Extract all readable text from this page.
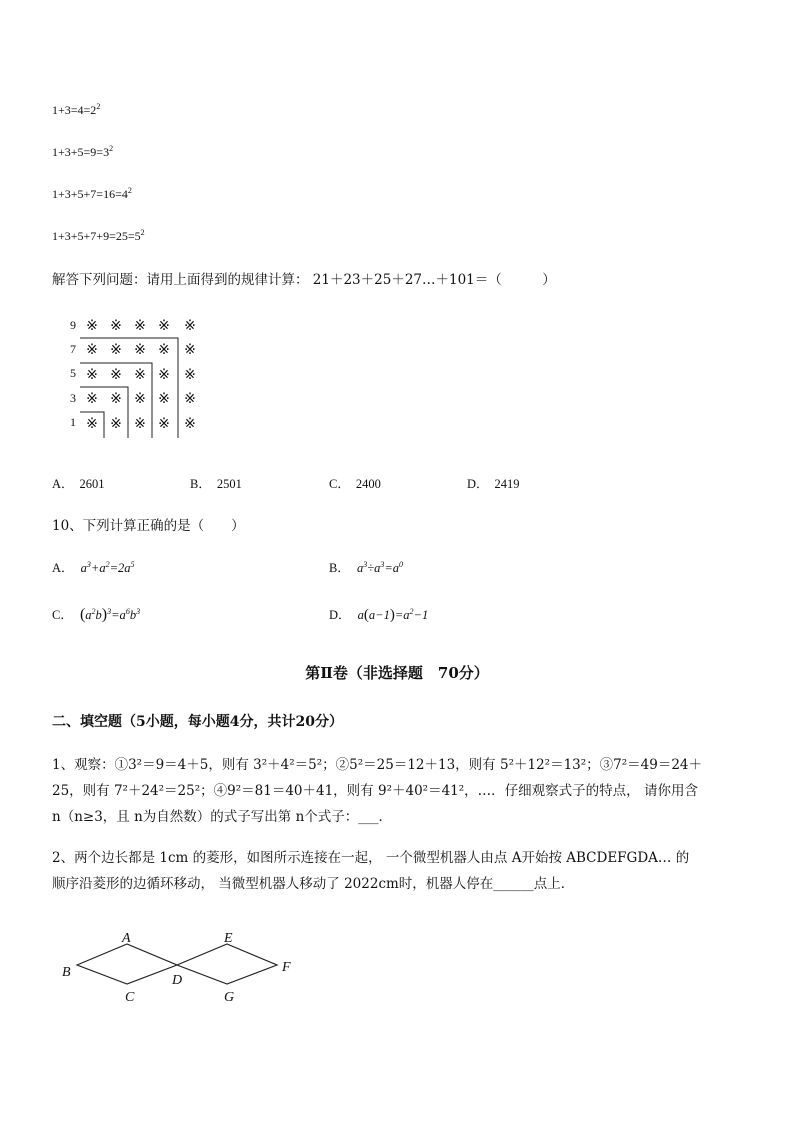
$1+3=4=2^2$
$1+3+5=9=3^2$
$1+3+5+7=16=4^2$
$1+3+5+7+9=25=5^2$
解答下列问题：请用上面得到的规律计算： 21＋23＋25＋27…＋101＝（　　　）
9
7
5
3
1
※ ※ ※ ※ ※
※ ※ ※ ※ ※
※ ※ ※ ※ ※
※ ※ ※ ※ ※
※ ※ ※ ※ ※
A． 2601	B． 2501	C． 2400	D． 2419
10、下列计算正确的是（　　）
A． $a^3+a^2=2a^5$	B． $a^3\div a^3=a^0$
C． $(a^2b)^3=a^6b^3$	D． $a(a-1)=a^2-1$
第Ⅱ卷（非选择题　70分）
二、填空题（5小题，每小题4分，共计20分）
1、观察：①3²＝9＝4＋5，则有 3²＋4²＝5²；②5²＝25＝12＋13，则有 5²＋12²＝13²；③7²＝49＝24＋
25，则有 7²＋24²＝25²；④9²＝81＝40＋41，则有 9²＋40²＝41²，…．仔细观察式子的特点， 请你用含
n（n≥3，且 n为自然数）的式子写出第 n个式子：___．
2、两个边长都是 1cm 的菱形，如图所示连接在一起， 一个微型机器人由点 A开始按 ABCDEFGDA… 的
顺序沿菱形的边循环移动， 当微型机器人移动了 2022cm时，机器人停在______点上．
A
B
C
D
E
F
G
